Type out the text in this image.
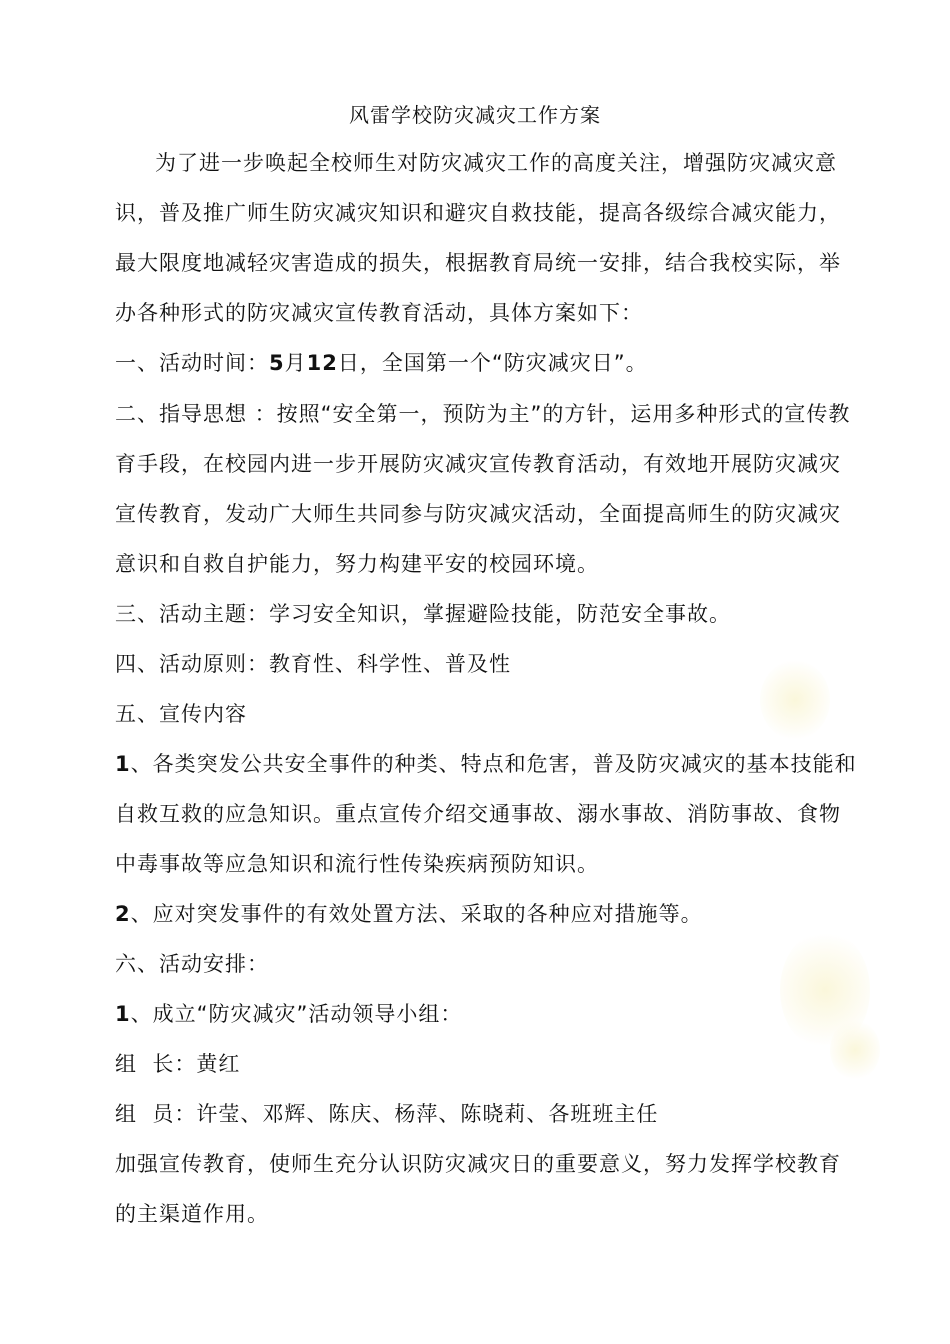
风雷学校防灾减灾工作方案
为了进一步唤起全校师生对防灾减灾工作的高度关注，增强防灾减灾意
识，普及推广师生防灾减灾知识和避灾自救技能，提高各级综合减灾能力，
最大限度地减轻灾害造成的损失，根据教育局统一安排，结合我校实际，举
办各种形式的防灾减灾宣传教育活动，具体方案如下：
一、活动时间：5月12日，全国第一个“防灾减灾日”。
二、指导思想 ：按照“安全第一，预防为主”的方针，运用多种形式的宣传教
育手段，在校园内进一步开展防灾减灾宣传教育活动，有效地开展防灾减灾
宣传教育，发动广大师生共同参与防灾减灾活动，全面提高师生的防灾减灾
意识和自救自护能力，努力构建平安的校园环境。
三、活动主题：学习安全知识，掌握避险技能，防范安全事故。
四、活动原则：教育性、科学性、普及性
五、宣传内容
1、各类突发公共安全事件的种类、特点和危害，普及防灾减灾的基本技能和
自救互救的应急知识。重点宣传介绍交通事故、溺水事故、消防事故、食物
中毒事故等应急知识和流行性传染疾病预防知识。
2、应对突发事件的有效处置方法、采取的各种应对措施等。
六、活动安排：
1、成立“防灾减灾”活动领导小组：
组  长：黄红
组  员：许莹、邓辉、陈庆、杨萍、陈晓莉、各班班主任
加强宣传教育，使师生充分认识防灾减灾日的重要意义，努力发挥学校教育
的主渠道作用。
